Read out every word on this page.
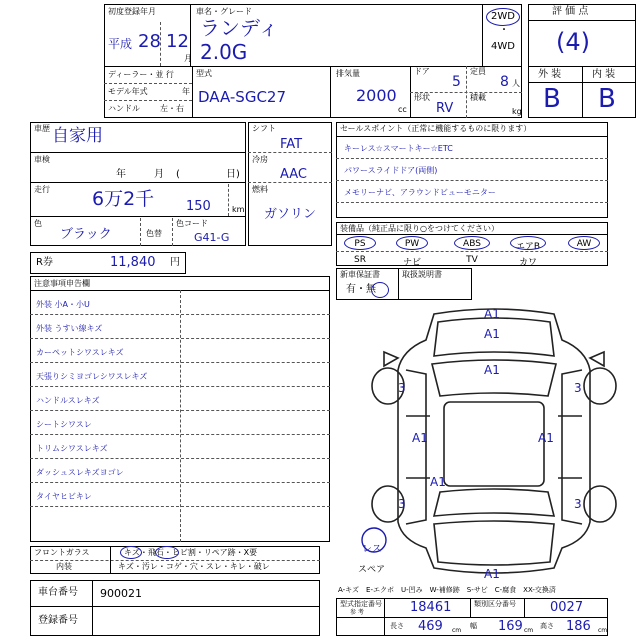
初度登録年月
平成 28 12
月
車名・グレード
ランディ
2.0G
2WD
・
4WD
評 価 点
(4)
外 装	内 装
B B
ディーラー・並 行
モデル年式	年
ハンドル	左・右
型式
DAA-SGC27
排気量
2000
cc
ドア
5
定員
8 人
形状
RV
積載
kg
車歴 自家用
車検
年	月 (	日)
走行 6万2千 150	km
色
ブラック	色替
色コード
G41-G
シフト
FAT
冷房
AAC
燃料
ガソリン
セールスポイント（正常に機能するものに限ります）
キーレス☆スマートキー☆ETC
パワースライドドア(両側)
メモリーナビ、アラウンドビューモニター
装備品（純正品に限り○をつけてください）
PS	PW	ABS	エアB	AW
SR	ナビ	TV	カワ
新車保証書
有・無
取扱説明書
R券	11,840 円
注意事項申告欄
外装 小A・小U
外装 うすい線キズ
カーペットシワスレキズ
天張りシミヨゴレシワスレキズ
ハンドルスレキズ
シートシワスレ
トリムシワスレキズ
ダッシュスレキズヨゴレ
タイヤヒビキレ
フロントガラス	キズ・飛石・ヒビ割・リペア跡・X要
内装	キズ・汚レ・コゲ・穴・スレ・キレ・破レ
車台番号 900021
登録番号
A1
A1
A1
3	3
A1	A1
A1
3	3
A1
レス
スペア
A-キズ　E-エクボ　U-凹み　W-補修跡　S-サビ　C-腐食　XX-交換済
型式指定番号
参 考	18461	類別区分番号	0027
長さ 469 cm
幅 169 cm
高さ 186 cm
